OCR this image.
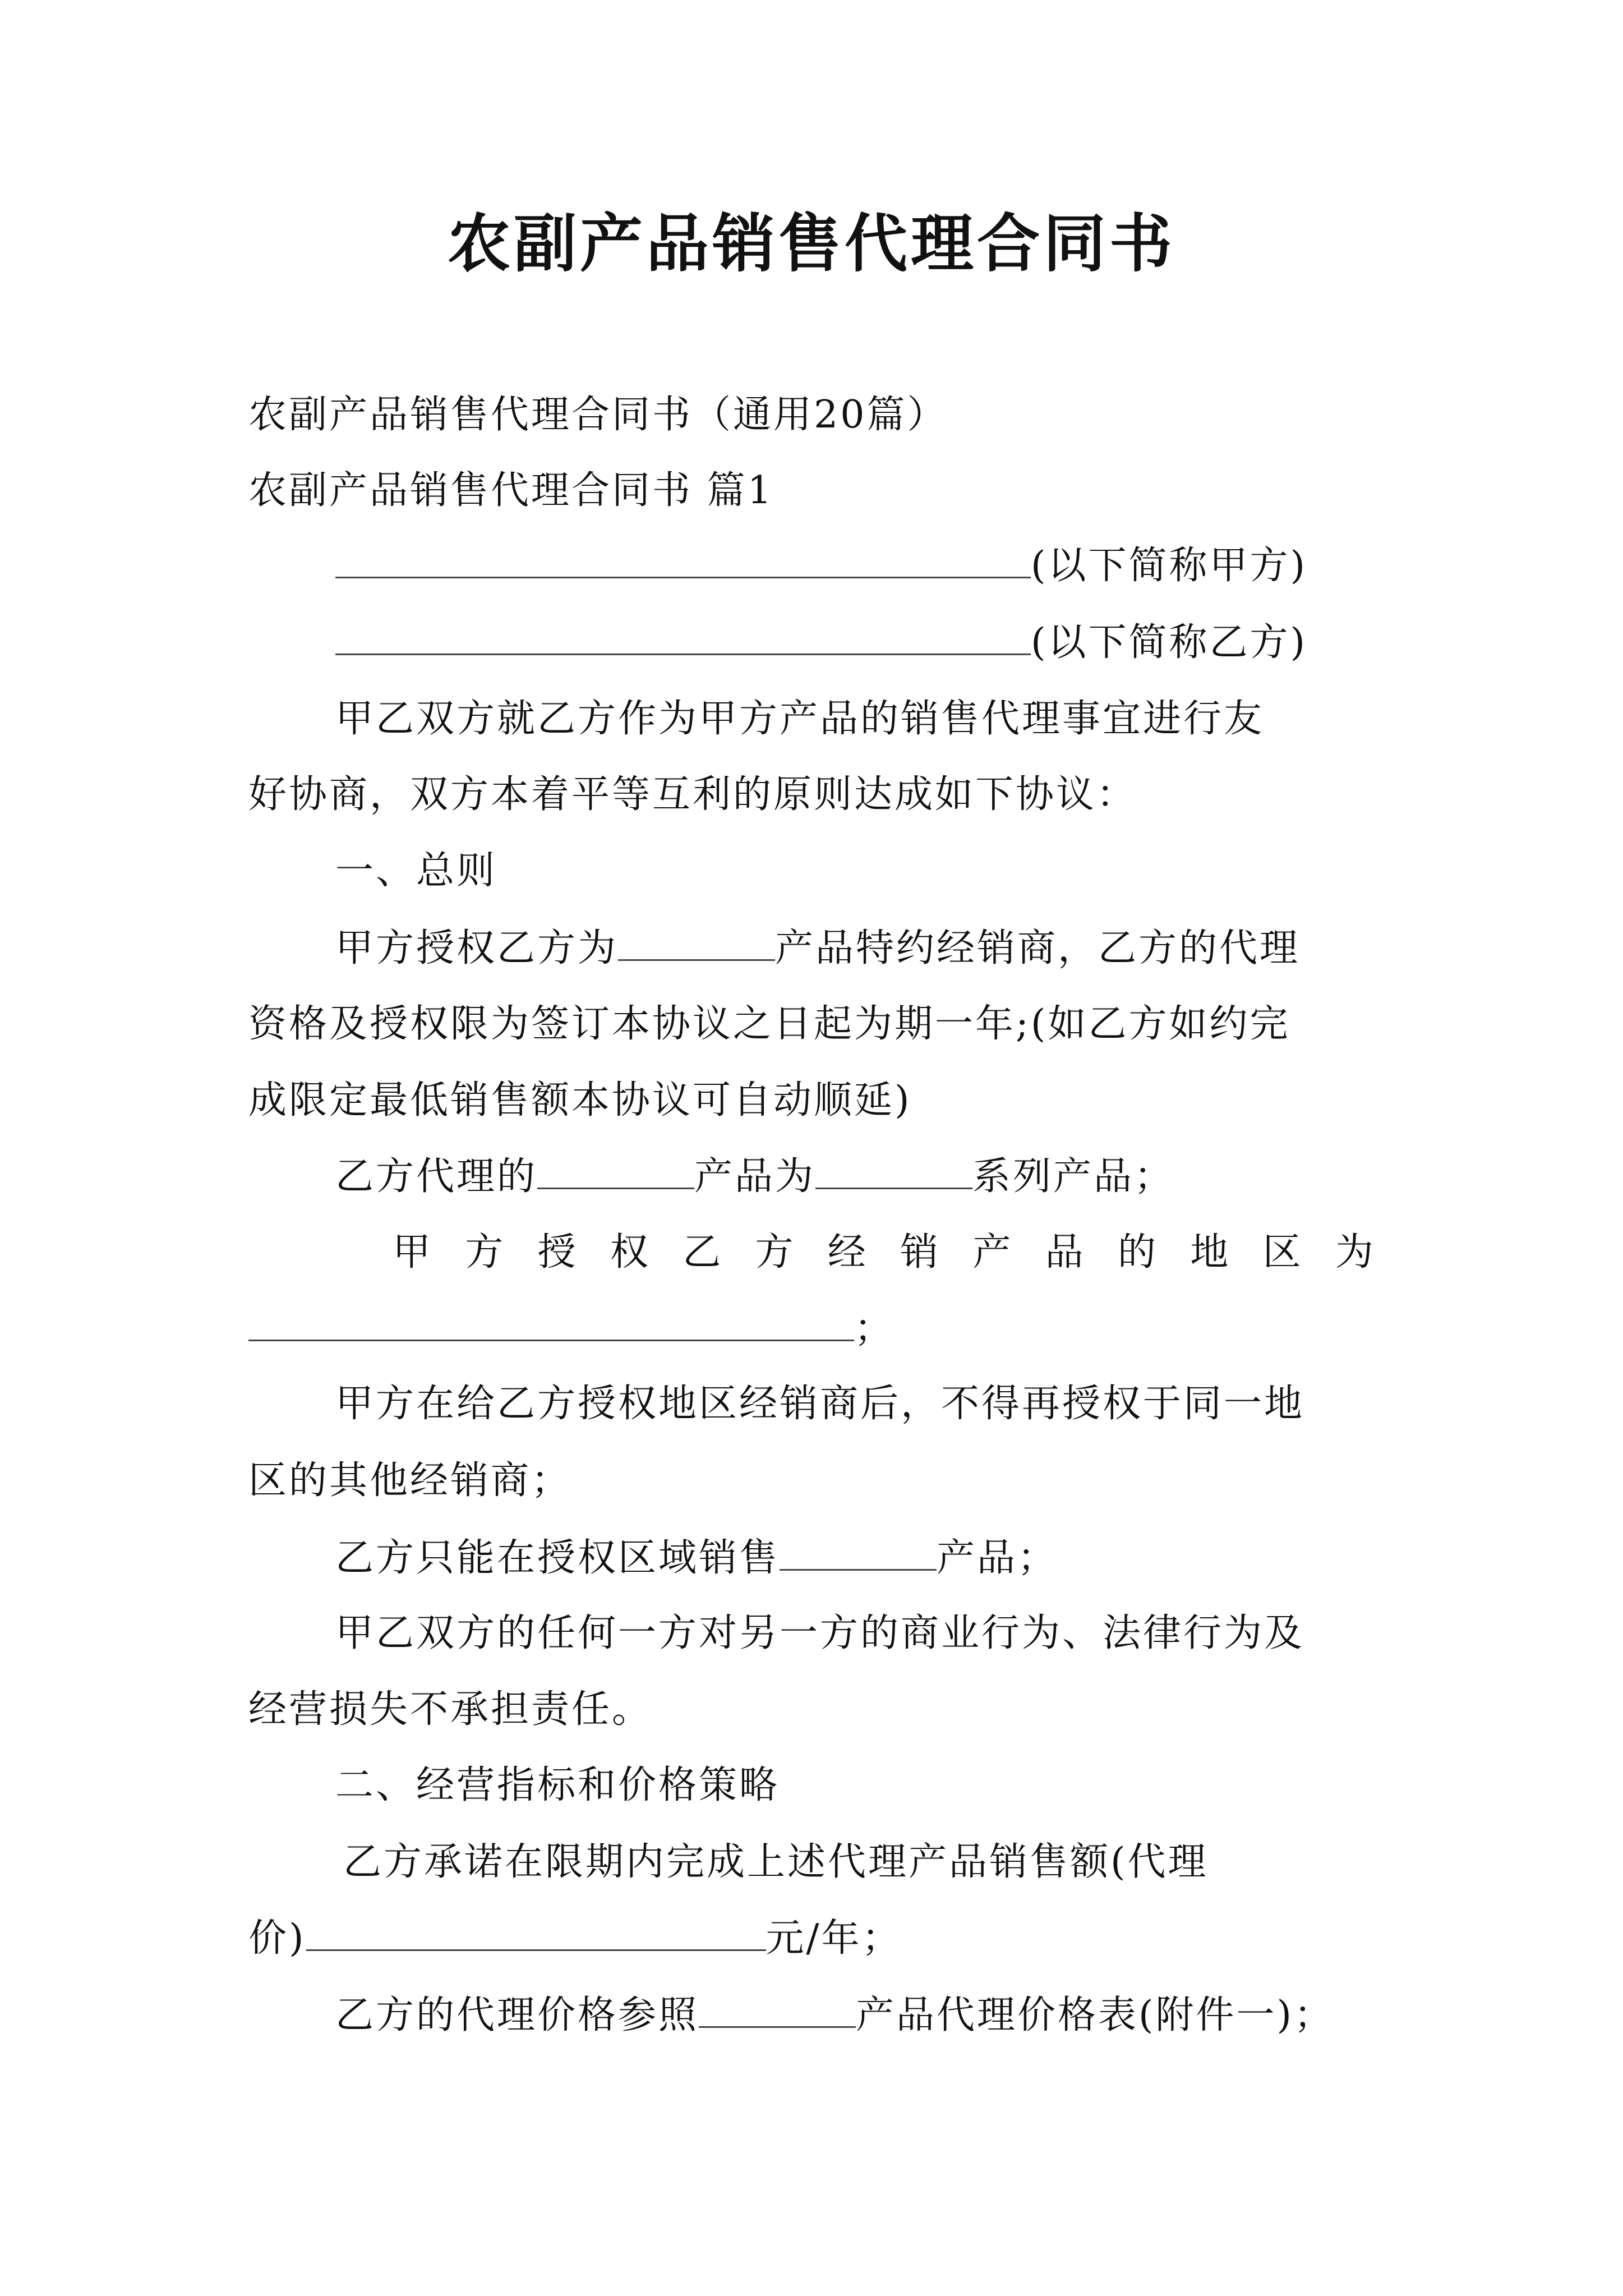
农副产品销售代理合同书
农副产品销售代理合同书（通用20篇）
农副产品销售代理合同书 篇1
(以下简称甲方)
(以下简称乙方)
甲乙双方就乙方作为甲方产品的销售代理事宜进行友
好协商，双方本着平等互利的原则达成如下协议：
一、总则
甲方授权乙方为	产品特约经销商，乙方的代理
资格及授权限为签订本协议之日起为期一年;(如乙方如约完
成限定最低销售额本协议可自动顺延)
乙方代理的	产品为	系列产品；
甲 方 授 权 乙 方 经 销 产 品 的 地 区 为
；
甲方在给乙方授权地区经销商后，不得再授权于同一地
区的其他经销商；
乙方只能在授权区域销售	产品；
甲乙双方的任何一方对另一方的商业行为、法律行为及
经营损失不承担责任。
二、经营指标和价格策略
乙方承诺在限期内完成上述代理产品销售额(代理
价)	元/年；
乙方的代理价格参照	产品代理价格表(附件一)；
